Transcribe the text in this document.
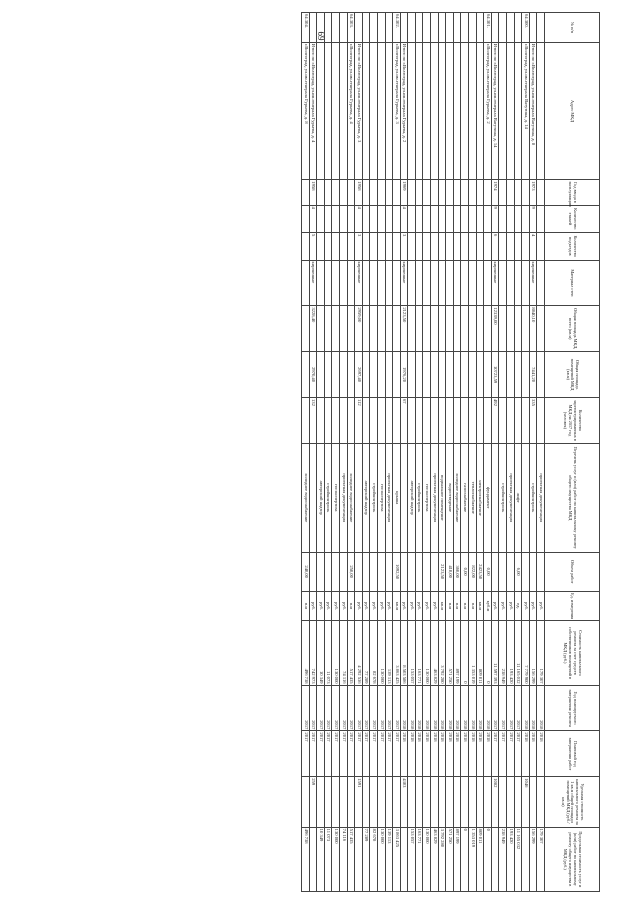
69
№ п/п	Адрес МКД	Год ввода в эксплуатацию	Количество этажей	Количество подъездов	Материал стен	Общая площадь МКД, всего (кв.м)	Общая площадь помещений МКД (кв.м)	Количество зарегистрированных в МКД на 2017 год (человек)	Перечень услуг и (или) работ по капитальному ремонту общего имущества МКД	Объем работ	Ед. измерения	Стоимость капитального ремонта за счет средств собственников помещений в МКД (руб.)	Год планируемого завершения ремонта	Плановый год завершения работ	Удельная стоимость капитального ремонта за 1 кв.м общей площади помещений МКД (руб./кв.м)	Предельная стоимость услуг и (или) работ по капитальному ремонту общего имущества в МКД (руб.)
									проектная документация		руб.	179 307	2018	2018		179 307
	Итого по г.Волгоград, ул.им.генерала Ватутина, д. 8	1973	9	4	кирпичные	8840,10	7441,20	335	стройконтроль		руб.	156 299	2018	2018		156 299
64.300.	г.Волгоград, ул.им.генерала Ватутина, д. 14										руб.	7 779 900	2018	2018	1046	
									лифт	6,00	ед.	11 165 032	2017	2017		11 165 032
									проектная документация		руб.	193 420	2017	2017		193 420
									стройконтроль		руб.	238 949	2017	2017		238 949
	Итого по г.Волгоград, ул.им.генерала Ватутина, д. 14	1974	9	6	кирпичные	12339,00	10723,59	492			руб.	11 597 393	2017	2017	1082	
64.301.	г.Волгоград, ул.им.генерала Гурьева, д. 2								фундамент	0,00	куб.м	0	2018	2018		0
									электроснабжение	2423,50	кв.м	809 011	2018	2018		809 011
									теплоснабжение	822,00	п.м	1 353 019	2018	2018		1 353 019
									газоснабжение	0,00	п.м	0	2018	2018		0
									холодное водоснабжение	360,00	п.м	897 199	2018	2018		897 199
									водоотведение	410,00	п.м	571 250	2018	2018		571 250
									подвальное помещение	2123,50	кв.м	3 792 280	2018	2018		3 792 280
									проектная документация		руб.	463 829	2018	2018		463 829
									госэкспертиза		руб.	130 000	2018	2018		130 000
									стройконтроль		руб.	163 771	2018	2018		163 771
									авторский надзор		руб.	153 057	2018	2018		153 057
	Итого по г.Волгоград, ул.им.генерала Гурьева, д. 2	1969	4	3	кирпичные	2123,50	1976,20	67			руб.	8 503 586	2018	2018	4303	
64.302.	г.Волгоград, ул.им.генерала Гурьева, д. 3								крыша	1092,50	кв.м	3 863 425	2017	2017		3 863 425
									проектная документация		руб.	139 113	2017	2017		139 113
									госэкспертиза		руб.	130 000	2017	2017		130 000
									стройконтроль		руб.	82 678	2017	2017		82 678
									авторский надзор		руб.	77 289	2017	2017		77 289
	Итого по г.Волгоград, ул.им.генерала Гурьева, д. 3	1958	4	3	кирпичные	2959,00	2697,40	112			руб.	4 292 536	2017	2017	1591	
64.303.	г.Волгоград, ул.им.генерала Гурьева, д. 4								холодное водоснабжение	250,00	п.м	517 435	2017	2017		517 435
									проектная документация		руб.	74 116	2017	2017		74 116
									госэкспертиза		руб.	130 000	2017	2017		130 000
									стройконтроль		руб.	11 073	2017	2017		11 073
									авторский надзор		руб.	10 349	2017	2017		10 349
	Итого по г.Волгоград, ул.им.генерала Гурьева, д. 4	1958	4	5	кирпичные	3228,40	2970,40	132			руб.	742 973	2017	2017	259	
64.304.	г.Волгоград, ул.им.генерала Гурьева, д. 8								холодное водоснабжение	240,00	п.м	496 738	2017	2017		496 738
